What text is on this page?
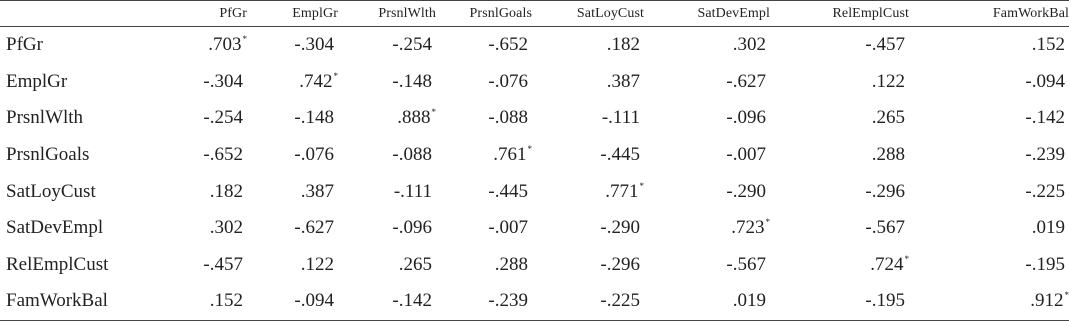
	PfGr	EmplGr	PrsnlWlth	PrsnlGoals	SatLoyCust	SatDevEmpl	RelEmplCust	FamWorkBal
PfGr	.703*	-.304	-.254	-.652	.182	.302	-.457	.152
EmplGr	-.304	.742*	-.148	-.076	.387	-.627	.122	-.094
PrsnlWlth	-.254	-.148	.888*	-.088	-.111	-.096	.265	-.142
PrsnlGoals	-.652	-.076	-.088	.761*	-.445	-.007	.288	-.239
SatLoyCust	.182	.387	-.111	-.445	.771*	-.290	-.296	-.225
SatDevEmpl	.302	-.627	-.096	-.007	-.290	.723*	-.567	.019
RelEmplCust	-.457	.122	.265	.288	-.296	-.567	.724*	-.195
FamWorkBal	.152	-.094	-.142	-.239	-.225	.019	-.195	.912*
